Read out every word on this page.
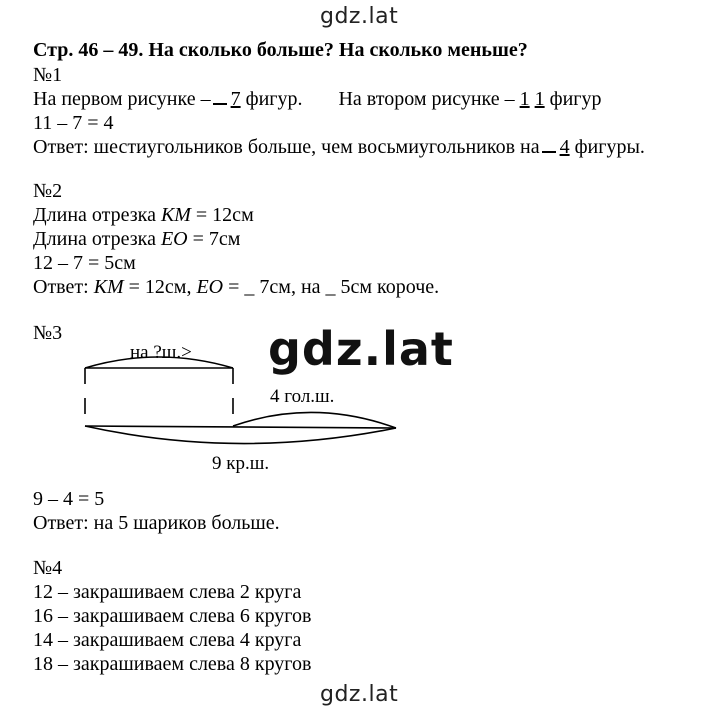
gdz.lat
Стр. 46 – 49. На сколько больше? На сколько меньше?
№1
На первом рисунке – 7 фигур. На втором рисунке – 1 1 фигур
11 – 7 = 4
Ответ: шестиугольников больше, чем восьмиугольников на 4 фигуры.
№2
Длина отрезка КМ = 12см
Длина отрезка ЕО = 7см
12 – 7 = 5см
Ответ: КМ = 12см, ЕО = _ 7см, на _ 5см короче.
№3	gdz.lat
на ?ш.>
4 гол.ш.
9 кр.ш.
9 – 4 = 5
Ответ: на 5 шариков больше.
№4
12 – закрашиваем слева 2 круга
16 – закрашиваем слева 6 кругов
14 – закрашиваем слева 4 круга
18 – закрашиваем слева 8 кругов
gdz.lat
